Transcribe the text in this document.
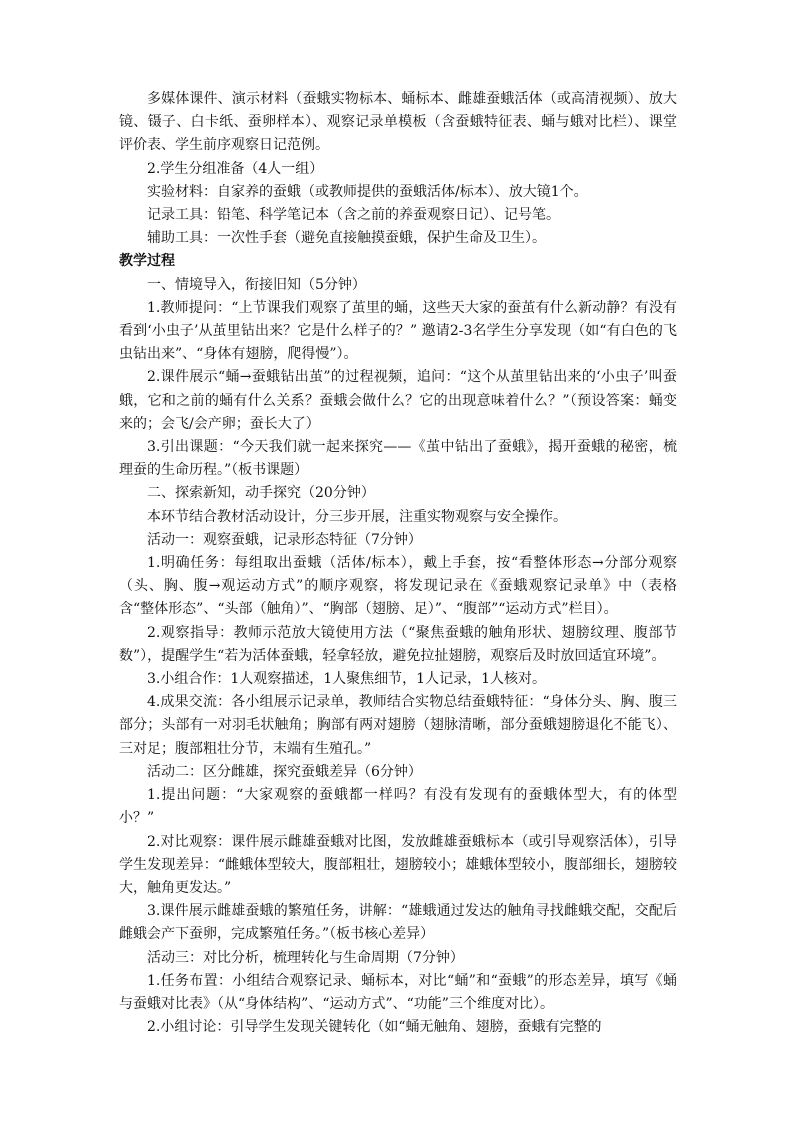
多媒体课件、演示材料（蚕蛾实物标本、蛹标本、雌雄蚕蛾活体（或高清视频）、放大镜、镊子、白卡纸、蚕卵样本）、观察记录单模板（含蚕蛾特征表、蛹与蛾对比栏）、课堂评价表、学生前序观察日记范例。

2.学生分组准备（4人一组）

实验材料：自家养的蚕蛾（或教师提供的蚕蛾活体/标本）、放大镜1个。

记录工具：铅笔、科学笔记本（含之前的养蚕观察日记）、记号笔。

辅助工具：一次性手套（避免直接触摸蚕蛾，保护生命及卫生）。

教学过程

一、情境导入，衔接旧知（5分钟）

1.教师提问：“上节课我们观察了茧里的蛹，这些天大家的蚕茧有什么新动静？有没有看到‘小虫子’从茧里钻出来？它是什么样子的？” 邀请2-3名学生分享发现（如“有白色的飞虫钻出来”、“身体有翅膀，爬得慢”）。

2.课件展示“蛹→蚕蛾钻出茧”的过程视频，追问：“这个从茧里钻出来的‘小虫子’叫蚕蛾，它和之前的蛹有什么关系？蚕蛾会做什么？它的出现意味着什么？”（预设答案：蛹变来的；会飞/会产卵；蚕长大了）

3.引出课题：“今天我们就一起来探究——《茧中钻出了蚕蛾》，揭开蚕蛾的秘密，梳理蚕的生命历程。”（板书课题）

二、探索新知，动手探究（20分钟）

本环节结合教材活动设计，分三步开展，注重实物观察与安全操作。

活动一：观察蚕蛾，记录形态特征（7分钟）

1.明确任务：每组取出蚕蛾（活体/标本），戴上手套，按“看整体形态→分部分观察（头、胸、腹→观运动方式”的顺序观察，将发现记录在《蚕蛾观察记录单》中（表格含“整体形态”、“头部（触角）”、“胸部（翅膀、足）”、“腹部”“运动方式”栏目）。

2.观察指导：教师示范放大镜使用方法（“聚焦蚕蛾的触角形状、翅膀纹理、腹部节数”），提醒学生“若为活体蚕蛾，轻拿轻放，避免拉扯翅膀，观察后及时放回适宜环境”。

3.小组合作：1人观察描述，1人聚焦细节，1人记录，1人核对。

4.成果交流：各小组展示记录单，教师结合实物总结蚕蛾特征：“身体分头、胸、腹三部分；头部有一对羽毛状触角；胸部有两对翅膀（翅脉清晰，部分蚕蛾翅膀退化不能飞）、三对足；腹部粗壮分节，末端有生殖孔。”

活动二：区分雌雄，探究蚕蛾差异（6分钟）

1.提出问题：“大家观察的蚕蛾都一样吗？有没有发现有的蚕蛾体型大，有的体型小？”

2.对比观察：课件展示雌雄蚕蛾对比图，发放雌雄蚕蛾标本（或引导观察活体），引导学生发现差异：“雌蛾体型较大，腹部粗壮，翅膀较小；雄蛾体型较小，腹部细长，翅膀较大，触角更发达。”

3.课件展示雌雄蚕蛾的繁殖任务，讲解：“雄蛾通过发达的触角寻找雌蛾交配，交配后雌蛾会产下蚕卵，完成繁殖任务。”（板书核心差异）

活动三：对比分析，梳理转化与生命周期（7分钟）

1.任务布置：小组结合观察记录、蛹标本，对比“蛹”和“蚕蛾”的形态差异，填写《蛹与蚕蛾对比表》（从“身体结构”、“运动方式”、“功能”三个维度对比）。

2.小组讨论：引导学生发现关键转化（如“蛹无触角、翅膀，蚕蛾有完整的
